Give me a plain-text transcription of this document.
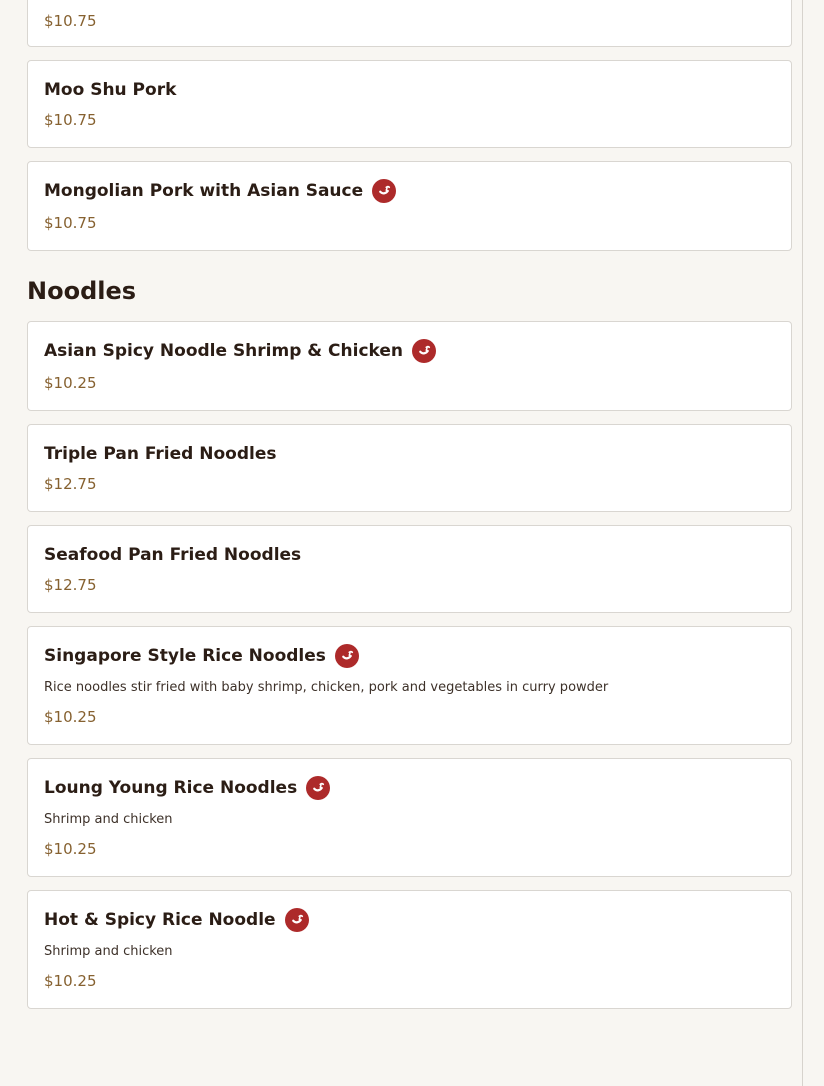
$10.75
Moo Shu Pork
$10.75
Mongolian Pork with Asian Sauce
$10.75
Noodles
Asian Spicy Noodle Shrimp & Chicken
$10.25
Triple Pan Fried Noodles
$12.75
Seafood Pan Fried Noodles
$12.75
Singapore Style Rice Noodles
Rice noodles stir fried with baby shrimp, chicken, pork and vegetables in curry powder
$10.25
Loung Young Rice Noodles
Shrimp and chicken
$10.25
Hot & Spicy Rice Noodle
Shrimp and chicken
$10.25
